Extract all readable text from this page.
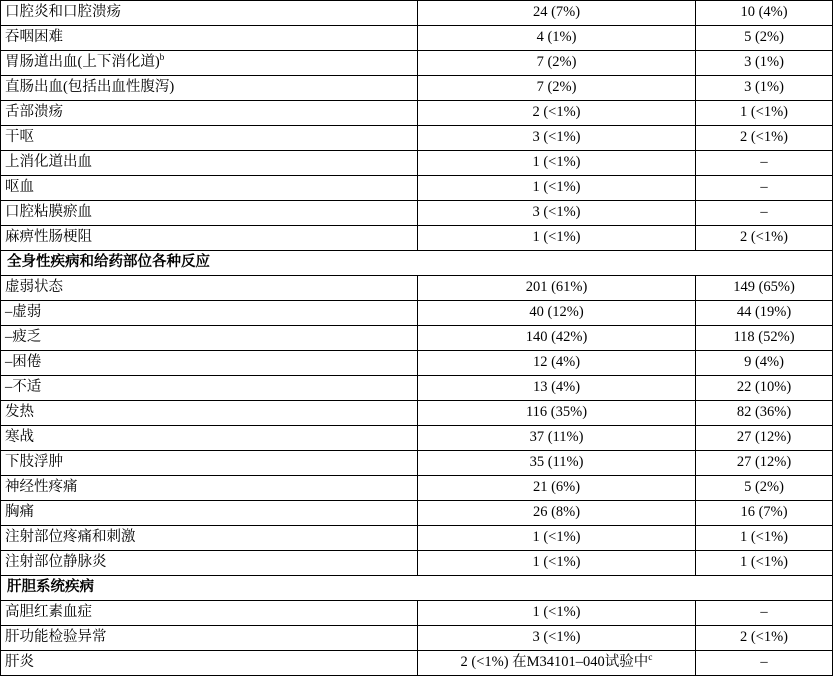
口腔炎和口腔溃疡	24 (7%)	10 (4%)
吞咽困难	4 (1%)	5 (2%)
胃肠道出血(上下消化道)$^b$	7 (2%)	3 (1%)
直肠出血(包括出血性腹泻)	7 (2%)	3 (1%)
舌部溃疡	2 (<1%)	1 (<1%)
干呕	3 (<1%)	2 (<1%)
上消化道出血	1 (<1%)	–
呕血	1 (<1%)	–
口腔粘膜瘀血	3 (<1%)	–
麻痹性肠梗阻	1 (<1%)	2 (<1%)
全身性疾病和给药部位各种反应		
虚弱状态	201 (61%)	149 (65%)
–虚弱	40 (12%)	44 (19%)
–疲乏	140 (42%)	118 (52%)
–困倦	12 (4%)	9 (4%)
–不适	13 (4%)	22 (10%)
发热	116 (35%)	82 (36%)
寒战	37 (11%)	27 (12%)
下肢浮肿	35 (11%)	27 (12%)
神经性疼痛	21 (6%)	5 (2%)
胸痛	26 (8%)	16 (7%)
注射部位疼痛和刺激	1 (<1%)	1 (<1%)
注射部位静脉炎	1 (<1%)	1 (<1%)
肝胆系统疾病		
高胆红素血症	1 (<1%)	–
肝功能检验异常	3 (<1%)	2 (<1%)
肝炎	2 (<1%) 在M34101–040试验中$^c$	–
